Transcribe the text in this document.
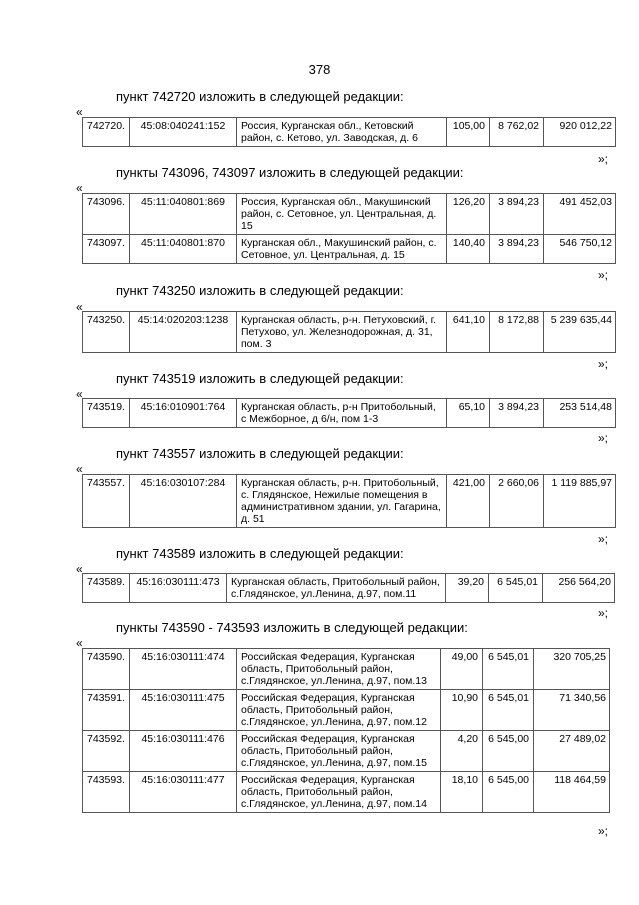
378
пункт 742720 изложить в следующей редакции:
«
742720.	45:08:040241:152	Россия, Курганская обл., Кетовский район, с. Кетово, ул. Заводская, д. 6	105,00	8 762,02	920 012,22
»;
пункты 743096, 743097 изложить в следующей редакции:
«
743096.	45:11:040801:869	Россия, Курганская обл., Макушинский район, с. Сетовное, ул. Центральная, д. 15	126,20	3 894,23	491 452,03
743097.	45:11:040801:870	Курганская обл., Макушинский район, с. Сетовное, ул. Центральная, д. 15	140,40	3 894,23	546 750,12
»;
пункт 743250 изложить в следующей редакции:
«
743250.	45:14:020203:1238	Курганская область, р-н. Петуховский, г. Петухово, ул. Железнодорожная, д. 31, пом. 3	641,10	8 172,88	5 239 635,44
»;
пункт 743519 изложить в следующей редакции:
«
743519.	45:16:010901:764	Курганская область, р-н Притобольный, с Межборное, д 6/н, пом 1-3	65,10	3 894,23	253 514,48
»;
пункт 743557 изложить в следующей редакции:
«
743557.	45:16:030107:284	Курганская область, р-н. Притобольный, с. Глядянское, Нежилые помещения в административном здании, ул. Гагарина, д. 51	421,00	2 660,06	1 119 885,97
»;
пункт 743589 изложить в следующей редакции:
«
743589.	45:16:030111:473	Курганская область, Притобольный район, с.Глядянское, ул.Ленина, д.97, пом.11	39,20	6 545,01	256 564,20
»;
пункты 743590 - 743593 изложить в следующей редакции:
«
743590.	45:16:030111:474	Российская Федерация, Курганская область, Притобольный район, с.Глядянское, ул.Ленина, д.97, пом.13	49,00	6 545,01	320 705,25
743591.	45:16:030111:475	Российская Федерация, Курганская область, Притобольный район, с.Глядянское, ул.Ленина, д.97, пом.12	10,90	6 545,01	71 340,56
743592.	45:16:030111:476	Российская Федерация, Курганская область, Притобольный район, с.Глядянское, ул.Ленина, д.97, пом.15	4,20	6 545,00	27 489,02
743593.	45:16:030111:477	Российская Федерация, Курганская область, Притобольный район, с.Глядянское, ул.Ленина, д.97, пом.14	18,10	6 545,00	118 464,59
»;
